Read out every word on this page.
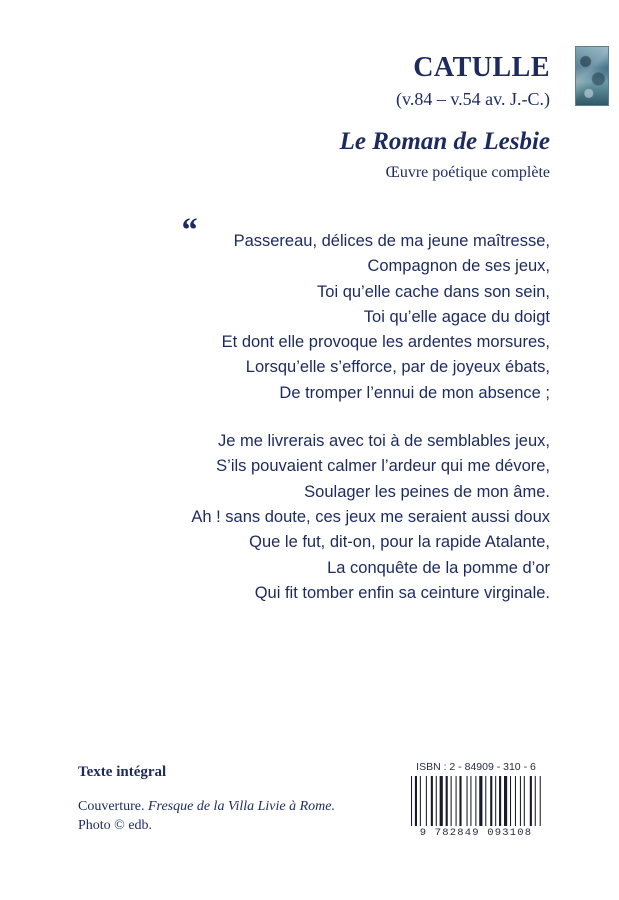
CATULLE
(v.84 – v.54 av. J.-C.)
Le Roman de Lesbie
Œuvre poétique complète
“	Passereau, délices de ma jeune maîtresse,
Compagnon de ses jeux,
Toi qu’elle cache dans son sein,
Toi qu’elle agace du doigt
Et dont elle provoque les ardentes morsures,
Lorsqu’elle s’efforce, par de joyeux ébats,
De tromper l’ennui de mon absence ;
Je me livrerais avec toi à de semblables jeux,
S’ils pouvaient calmer l’ardeur qui me dévore,
Soulager les peines de mon âme.
Ah ! sans doute, ces jeux me seraient aussi doux
Que le fut, dit-on, pour la rapide Atalante,
La conquête de la pomme d’or
Qui fit tomber enfin sa ceinture virginale.
Texte intégral
Couverture. Fresque de la Villa Livie à Rome.
Photo © edb.
ISBN : 2 - 84909 - 310 - 6
9 782849 093108
